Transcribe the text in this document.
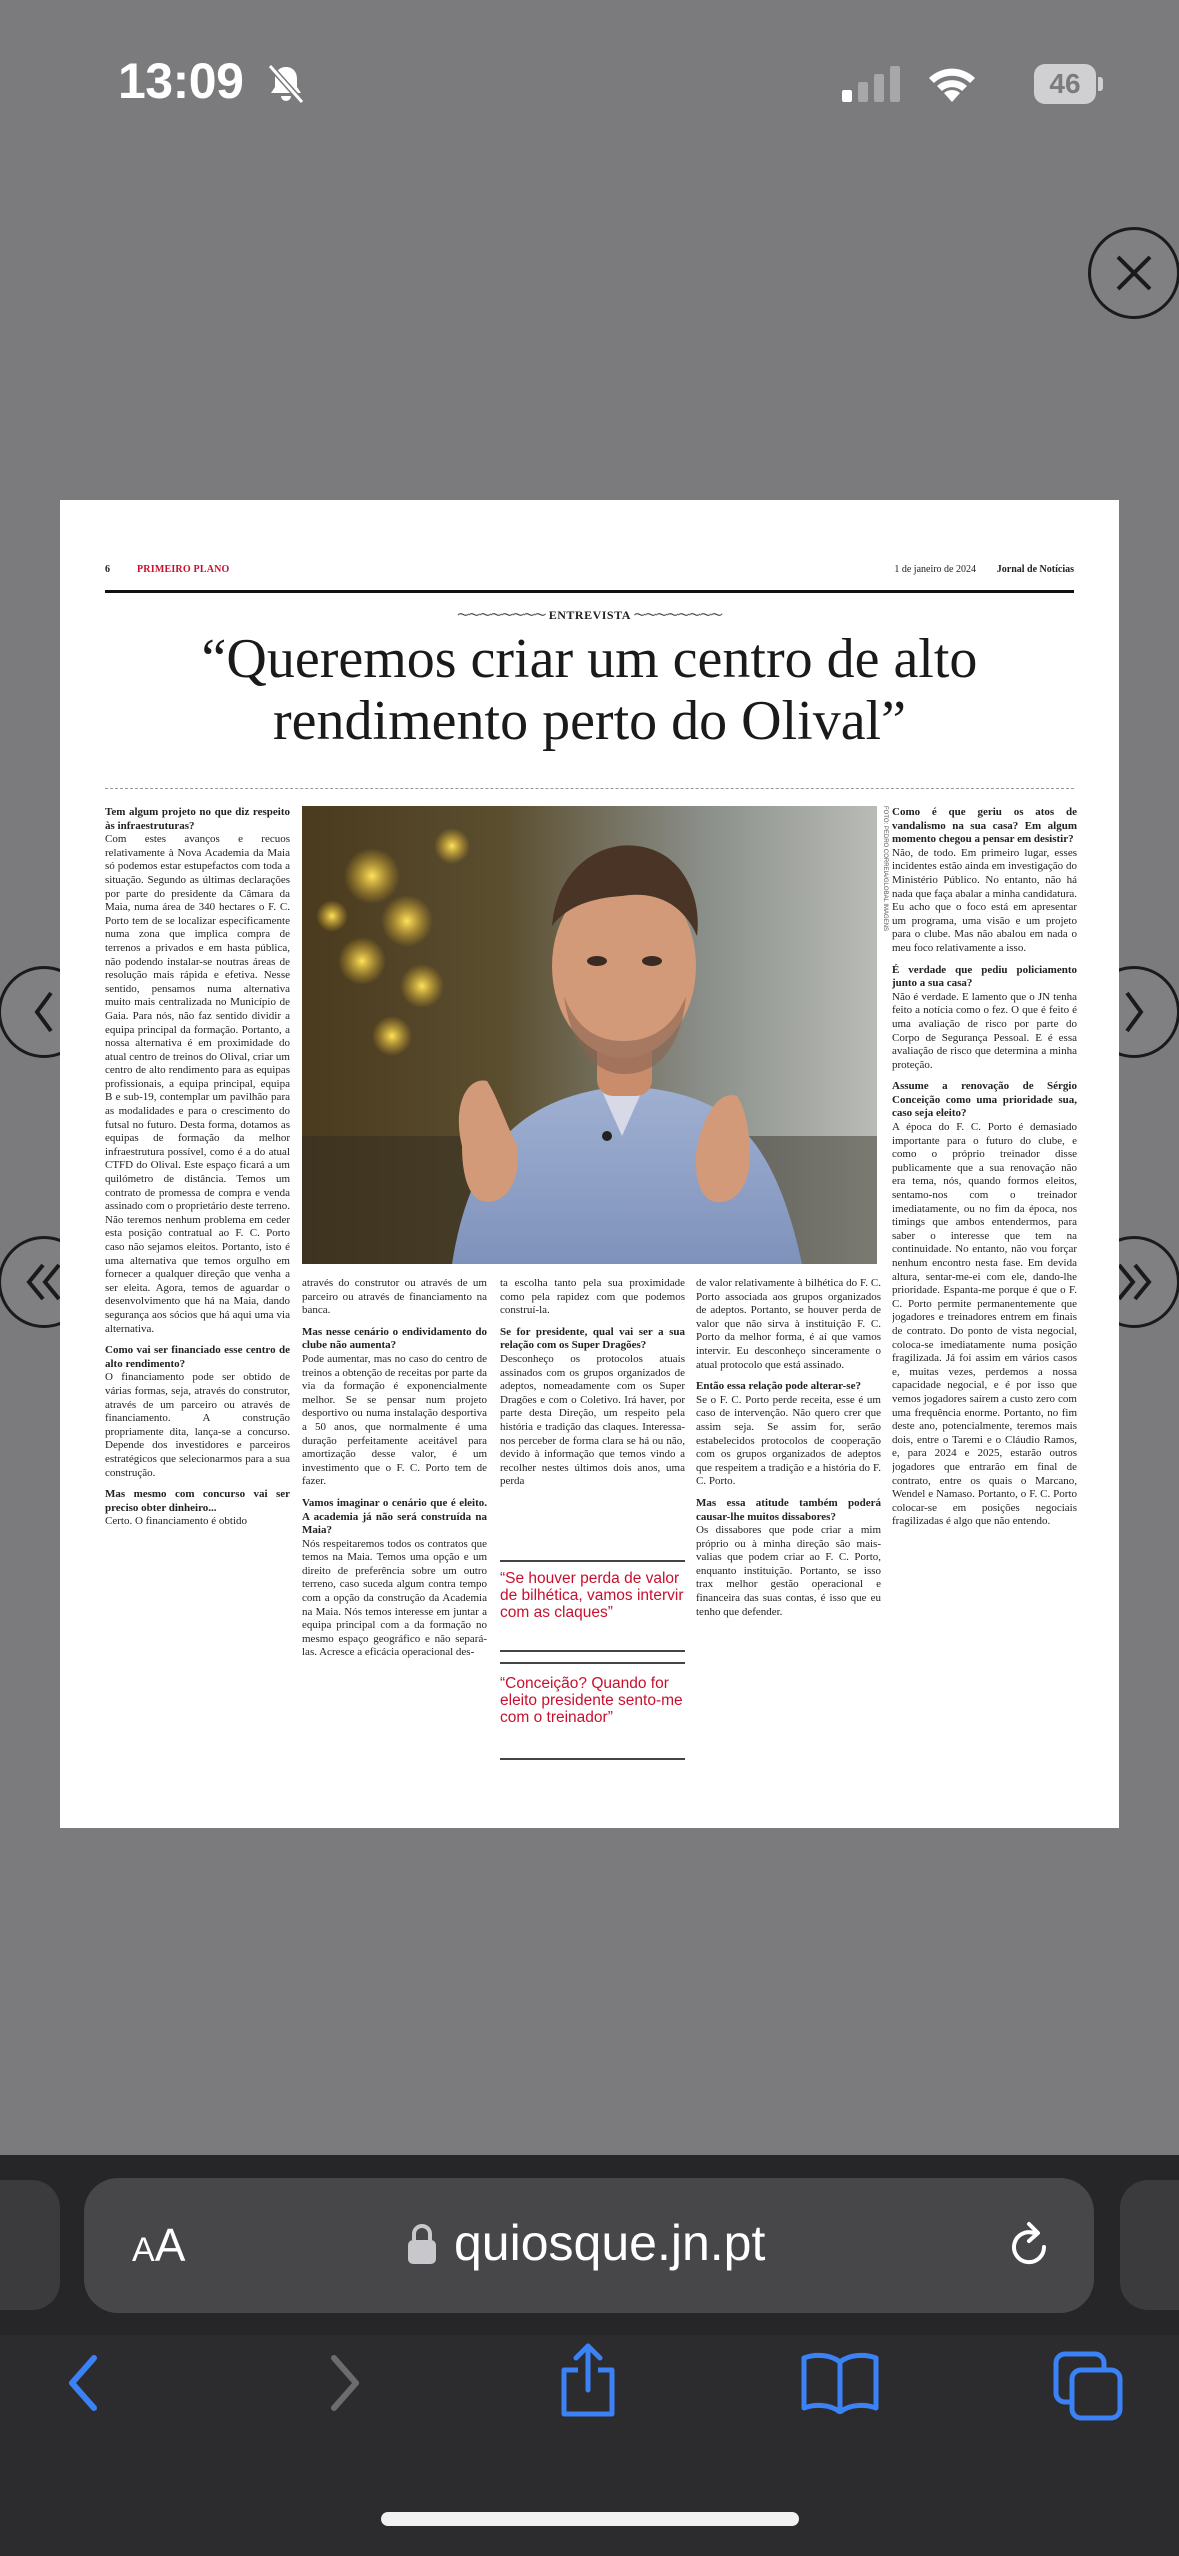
13:09	46
6	PRIMEIRO PLANO	1 de janeiro de 2024 Jornal de Notícias
〜〜〜〜〜〜〜〜 ENTREVISTA 〜〜〜〜〜〜〜〜
“Queremos criar um centro de alto rendimento perto do Olival”
FOTO: PEDRO CORREIA/GLOBAL IMAGENS
Tem algum projeto no que diz respeito às infraestruturas?
Com estes avanços e recuos relativamente à Nova Academia da Maia só podemos estar estupefactos com toda a situação. Segundo as últimas declarações por parte do presidente da Câmara da Maia, numa área de 340 hectares o F. C. Porto tem de se localizar especificamente numa zona que implica compra de terrenos a privados e em hasta pública, não podendo instalar-se noutras áreas de resolução mais rápida e efetiva. Nesse sentido, pensamos numa alternativa muito mais centralizada no Município de Gaia. Para nós, não faz sentido dividir a equipa principal da formação. Portanto, a nossa alternativa é em proximidade do atual centro de treinos do Olival, criar um centro de alto rendimento para as equipas profissionais, a equipa principal, equipa B e sub-19, contemplar um pavilhão para as modalidades e para o crescimento do futsal no futuro. Desta forma, dotamos as equipas de formação da melhor infraestrutura possível, como é a do atual CTFD do Olival. Este espaço ficará a um quilómetro de distância. Temos um contrato de promessa de compra e venda assinado com o proprietário deste terreno. Não teremos nenhum problema em ceder esta posição contratual ao F. C. Porto caso não sejamos eleitos. Portanto, isto é uma alternativa que temos orgulho em fornecer a qualquer direção que venha a ser eleita. Agora, temos de aguardar o desenvolvimento que há na Maia, dando segurança aos sócios que há aqui uma via alternativa.
Como vai ser financiado esse centro de alto rendimento?
O financiamento pode ser obtido de várias formas, seja, através do construtor, através de um parceiro ou através de financiamento. A construção propriamente dita, lança-se a concurso. Depende dos investidores e parceiros estratégicos que selecionarmos para a sua construção.
Mas mesmo com concurso vai ser preciso obter dinheiro...
Certo. O financiamento é obtido
através do construtor ou através de um parceiro ou através de financiamento na banca.
Mas nesse cenário o endividamento do clube não aumenta?
Pode aumentar, mas no caso do centro de treinos a obtenção de receitas por parte da via da formação é exponencialmente melhor. Se se pensar num projeto desportivo ou numa instalação desportiva a 50 anos, que normalmente é uma duração perfeitamente aceitável para amortização desse valor, é um investimento que o F. C. Porto tem de fazer.
Vamos imaginar o cenário que é eleito. A academia já não será construída na Maia?
Nós respeitaremos todos os contratos que temos na Maia. Temos uma opção e um direito de preferência sobre um outro terreno, caso suceda algum contra tempo com a opção da construção da Academia na Maia. Nós temos interesse em juntar a equipa principal com a da formação no mesmo espaço geográfico e não separá-las. Acresce a eficácia operacional des-
ta escolha tanto pela sua proximidade como pela rapidez com que podemos construí-la.
Se for presidente, qual vai ser a sua relação com os Super Dragões?
Desconheço os protocolos atuais assinados com os grupos organizados de adeptos, nomeadamente com os Super Dragões e com o Coletivo. Irá haver, por parte desta Direção, um respeito pela história e tradição das claques. Interessa-nos perceber de forma clara se há ou não, devido à informação que temos vindo a recolher nestes últimos dois anos, uma perda
“Se houver perda de valor de bilhética, vamos intervir com as claques”
“Conceição? Quando for eleito presidente sento-me com o treinador”
de valor relativamente à bilhética do F. C. Porto associada aos grupos organizados de adeptos. Portanto, se houver perda de valor que não sirva à instituição F. C. Porto da melhor forma, é aí que vamos intervir. Eu desconheço sinceramente o atual protocolo que está assinado.
Então essa relação pode alterar-se?
Se o F. C. Porto perde receita, esse é um caso de intervenção. Não quero crer que assim seja. Se assim for, serão estabelecidos protocolos de cooperação com os grupos organizados de adeptos que respeitem a tradição e a história do F. C. Porto.
Mas essa atitude também poderá causar-lhe muitos dissabores?
Os dissabores que pode criar a mim próprio ou à minha direção são mais-valias que podem criar ao F. C. Porto, enquanto instituição. Portanto, se isso trax melhor gestão operacional e financeira das suas contas, é isso que eu tenho que defender.
Como é que geriu os atos de vandalismo na sua casa? Em algum momento chegou a pensar em desistir?
Não, de todo. Em primeiro lugar, esses incidentes estão ainda em investigação do Ministério Público. No entanto, não há nada que faça abalar a minha candidatura. Eu acho que o foco está em apresentar um programa, uma visão e um projeto para o clube. Mas não abalou em nada o meu foco relativamente a isso.
É verdade que pediu policiamento junto a sua casa?
Não é verdade. E lamento que o JN tenha feito a notícia como o fez. O que é feito é uma avaliação de risco por parte do Corpo de Segurança Pessoal. E é essa avaliação de risco que determina a minha proteção.
Assume a renovação de Sérgio Conceição como uma prioridade sua, caso seja eleito?
A época do F. C. Porto é demasiado importante para o futuro do clube, e como o próprio treinador disse publicamente que a sua renovação não era tema, nós, quando formos eleitos, sentamo-nos com o treinador imediatamente, ou no fim da época, nos timings que ambos entendermos, para saber o interesse que tem na continuidade. No entanto, não vou forçar nenhum encontro nesta fase. Em devida altura, sentar-me-ei com ele, dando-lhe prioridade. Espanta-me porque é que o F. C. Porto permite permanentemente que jogadores e treinadores entrem em finais de contrato. Do ponto de vista negocial, coloca-se imediatamente numa posição fragilizada. Já foi assim em vários casos e, muitas vezes, perdemos a nossa capacidade negocial, e é por isso que vemos jogadores saírem a custo zero com uma frequência enorme. Portanto, no fim deste ano, potencialmente, teremos mais dois, entre o Taremi e o Cláudio Ramos, e, para 2024 e 2025, estarão outros jogadores que entrarão em final de contrato, entre os quais o Marcano, Wendel e Namaso. Portanto, o F. C. Porto colocar-se em posições negociais fragilizadas é algo que não entendo.
AA	quiosque.jn.pt
